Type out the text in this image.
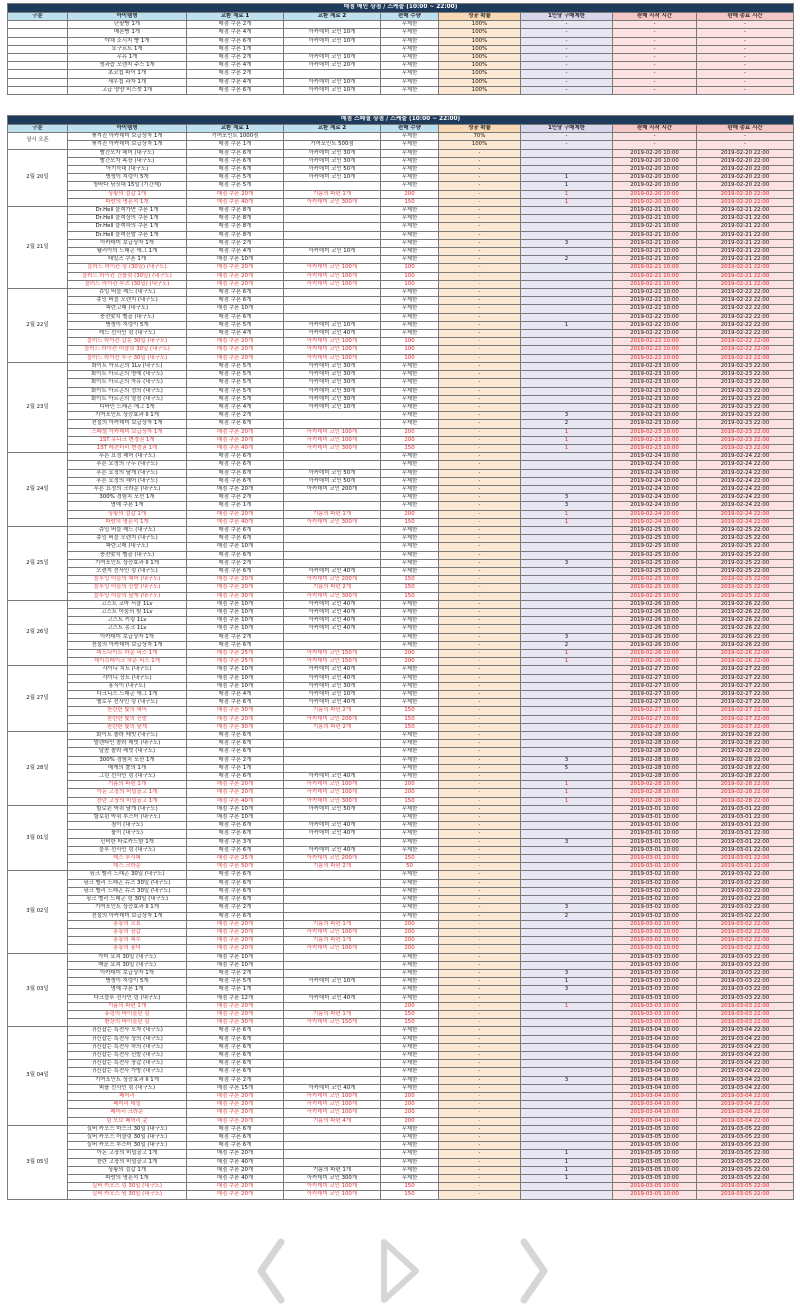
매점 메인 상점 / 스케줄 (10:00 ~ 22:00)								
구분	아이템명	교환 재료 1	교환 재료 2	판매 수량	성공 확률	1인당 구매제한	판매 시작 시간	판매 종료 시간
	단팥빵 1개	매점 쿠폰 2개		무제한	100%	-	-	-
	메론빵 1개	매점 쿠폰 4개	아카데미 코인 10개	무제한	100%	-	-	-
	야채 소시지 빵 1개	매점 쿠폰 6개	아카데미 코인 10개	무제한	100%	-	-	-
	요구르트 1개	매점 쿠폰 1개		무제한	100%	-	-	-
	우유 1개	매점 쿠폰 2개	아카데미 코인 10개	무제한	100%	-	-	-
	생과즙 오렌지 주스 1개	매점 쿠폰 4개	아카데미 코인 20개	무제한	100%	-	-	-
	초코칩 파이 1개	매점 쿠폰 2개		무제한	100%	-	-	-
	새우칩 과자 1개	매점 쿠폰 4개	아카데미 코인 10개	무제한	100%	-	-	-
	고급 영양 비스켓 1개	매점 쿠폰 6개	아카데미 코인 10개	무제한	100%	-	-	-
매점 스페셜 상점 / 스케줄 (10:00 ~ 22:00)								
구분	아이템명	교환 재료 1	교환 재료 2	판매 수량	성공 확률	1인당 구매제한	판매 시작 시간	판매 종료 시간
상시 오픈	찢겨진 아카데미 보급상자 1개	기여포인트 1000점		무제한	70%	-	-	-
	찢겨진 아카데미 보급상자 1개	매점 쿠폰 1개	기여포인트 500점	무제한	100%	-	-	-
2월 20일	빨간모자 헤어 (내구도)	매점 쿠폰 6개	아카데미 코인 30개	무제한	-		2019-02-20 10:00	2019-02-20 22:00
	빨간모자 복장 (내구도)	매점 쿠폰 6개	아카데미 코인 30개	무제한	-		2019-02-20 10:00	2019-02-20 22:00
	아기늑대 (내구도)	매점 쿠폰 6개	아카데미 코인 50개	무제한	-		2019-02-20 10:00	2019-02-20 22:00
	병생이 지렁이 5개	매점 쿠폰 5개	아카데미 코인 10개	무제한	-	1	2019-02-20 10:00	2019-02-20 22:00
	청바다 낚싯대 15일 (기간제)	매점 쿠폰 5개		무제한	-	1	2019-02-20 10:00	2019-02-20 22:00
	상황의 검갑 1개	매점 쿠폰 20개	기름의 파편 1개	200	-	1	2019-02-20 10:00	2019-02-20 22:00
	파랑의 명혼석 1개	매점 쿠폰 40개	아카데미 코인 300개	150	-	1	2019-02-20 10:00	2019-02-20 22:00
2월 21일	Dr.Hell 블랙가면 쿠폰 1개	매점 쿠폰 8개		무제한	-		2019-02-21 10:00	2019-02-21 22:00
	Dr.Hell 블랙상의 쿠폰 1개	매점 쿠폰 8개		무제한	-		2019-02-21 10:00	2019-02-21 22:00
	Dr.Hell 블랙하의 쿠폰 1개	매점 쿠폰 8개		무제한	-		2019-02-21 10:00	2019-02-21 22:00
	Dr.Hell 블랙신발 쿠폰 1개	매점 쿠폰 8개		무제한	-		2019-02-21 10:00	2019-02-21 22:00
	아카데미 보급상자 1개	매점 쿠폰 2개		무제한	-	3	2019-02-21 10:00	2019-02-21 22:00
	웰리아의 드래곤 에그 1개	매점 쿠폰 4개	아카데미 코인 10개	무제한	-		2019-02-21 10:00	2019-02-21 22:00
	테일즈 쿠폰 1개	매점 쿠폰 10개		무제한	-	2	2019-02-21 10:00	2019-02-21 22:00
	블러드 라이칸 링 (30일) (내구도)	매점 쿠폰 20개	아카데미 코인 100개	100	-		2019-02-21 10:00	2019-02-21 22:00
	블러드 라이칸 건틀릿 (30일) (내구도)	매점 쿠폰 20개	아카데미 코인 100개	100	-		2019-02-21 10:00	2019-02-21 22:00
	블러드 라이칸 부츠 (30일) (내구도)	매점 쿠폰 20개	아카데미 코인 100개	100	-		2019-02-21 10:00	2019-02-21 22:00
2월 22일	츄잉 버블 레드 (내구도)	매점 쿠폰 6개		무제한	-		2019-02-22 10:00	2019-02-22 22:00
	츄잉 버블 오렌지 (내구도)	매점 쿠폰 6개		무제한	-		2019-02-22 10:00	2019-02-22 22:00
	파란고래 (내구도)	매점 쿠폰 10개		무제한	-		2019-02-22 10:00	2019-02-22 22:00
	충전맞치 벨골 (내구도)	매점 쿠폰 6개		무제한	-		2019-02-22 10:00	2019-02-22 22:00
	병생이 지렁이 5개	매점 쿠폰 5개	아카데미 코인 10개	무제한	-	1	2019-02-22 10:00	2019-02-22 22:00
	레드 선사인 링 (내구도)	매점 쿠폰 4개	아카데미 코인 40개	무제한	-		2019-02-22 10:00	2019-02-22 22:00
	블러드 라이칸 갑옷 30일 (내구도)	매점 쿠폰 20개	아카데미 코인 100개	100	-		2019-02-22 10:00	2019-02-22 22:00
	블러드 라이칸 어클릿 30일 (내구도)	매점 쿠폰 20개	아카데미 코인 100개	100	-		2019-02-22 10:00	2019-02-22 22:00
	블러드 라이칸 투구 30일 (내구도)	매점 쿠폰 20개	아카데미 코인 100개	100	-		2019-02-22 10:00	2019-02-22 22:00
2월 23일	화이트 아르곤의 1Lv (내구도)	매점 쿠폰 5개	아카데미 코인 30개	무제한	-		2019-02-23 10:00	2019-02-23 22:00
	화이트 아르곤의 명예 (내구도)	매점 쿠폰 5개	아카데미 코인 30개	무제한	-		2019-02-23 10:00	2019-02-23 22:00
	화이트 아르곤의 자유 (내구도)	매점 쿠폰 5개	아카데미 코인 30개	무제한	-		2019-02-23 10:00	2019-02-23 22:00
	화이트 아르곤의 정의 (내구도)	매점 쿠폰 5개	아카데미 코인 30개	무제한	-		2019-02-23 10:00	2019-02-23 22:00
	화이트 아르곤의 열정 (내구도)	매점 쿠폰 5개	아카데미 코인 30개	무제한	-		2019-02-23 10:00	2019-02-23 22:00
	디바인 드래곤 에그 1개	매점 쿠폰 4개	아카데미 코인 10개	무제한	-		2019-02-23 10:00	2019-02-23 22:00
	기여포인트 상승효과 II 1개	매점 쿠폰 2개		무제한	-	3	2019-02-23 10:00	2019-02-23 22:00
	전설의 아카데미 보급상자 1개	매점 쿠폰 6개		무제한	-	2	2019-02-23 10:00	2019-02-23 22:00
	스페셜 아카데미 보급상자 1개	매점 쿠폰 20개	아카데미 코인 100개	200	-	1	2019-02-23 10:00	2019-02-23 22:00
	1ST 유니크 변경권 1개	매점 쿠폰 20개	아카데미 코인 100개	200	-	1	2019-02-23 10:00	2019-02-23 22:00
	1ST 레전더리 변경권 1개	매점 쿠폰 40개	아카데미 코인 300개	150	-	1	2019-02-23 10:00	2019-02-23 22:00
2월 24일	푸른 요정 헤어 (내구도)	매점 쿠폰 6개		무제한	-		2019-02-24 10:00	2019-02-24 22:00
	푸른 요정의 구두 (내구도)	매점 쿠폰 6개		무제한	-		2019-02-24 10:00	2019-02-24 22:00
	푸른 요정의 날개 (내구도)	매점 쿠폰 6개	아카데미 코인 50개	무제한	-		2019-02-24 10:00	2019-02-24 22:00
	푸른 요정의 해어 (내구도)	매점 쿠폰 6개	아카데미 코인 50개	무제한	-		2019-02-24 10:00	2019-02-24 22:00
	푸른 요정의 크라운 (내구도)	매점 쿠폰 20개	아카데미 코인 200개	무제한	-		2019-02-24 10:00	2019-02-24 22:00
	300% 경험치 포션 1개	매점 쿠폰 2개		무제한	-	3	2019-02-24 10:00	2019-02-24 22:00
	명예 쿠폰 1개	매점 쿠폰 1개		무제한	-	3	2019-02-24 10:00	2019-02-24 22:00
	상황의 검갑 1개	매점 쿠폰 20개	기름의 파편 1개	200	-	1	2019-02-24 10:00	2019-02-24 22:00
	파랑의 명혼석 1개	매점 쿠폰 40개	아카데미 코인 300개	150	-	1	2019-02-24 10:00	2019-02-24 22:00
2월 25일	츄잉 버블 레드 (내구도)	매점 쿠폰 6개		무제한	-		2019-02-25 10:00	2019-02-25 22:00
	츄잉 버블 오렌지 (내구도)	매점 쿠폰 6개		무제한	-		2019-02-25 10:00	2019-02-25 22:00
	파란고래 (내구도)	매점 쿠폰 10개		무제한	-		2019-02-25 10:00	2019-02-25 22:00
	충전맞치 벨골 (내구도)	매점 쿠폰 6개		무제한	-		2019-02-25 10:00	2019-02-25 22:00
	기여포인트 상승효과 II 1개	매점 쿠폰 2개		무제한	-	3	2019-02-25 10:00	2019-02-25 22:00
	오렌지 선사인 링 (내구도)	매점 쿠폰 6개	아카데미 코인 40개	무제한	-		2019-02-25 10:00	2019-02-25 22:00
	블루잉 어둠의 해어 (내구도)	매점 쿠폰 20개	아카데미 코인 200개	150	-		2019-02-25 10:00	2019-02-25 22:00
	블루잉 어둠의 신발 (내구도)	매점 쿠폰 20개	기름의 파편 2개	150	-		2019-02-25 10:00	2019-02-25 22:00
	블루잉 어둠의 날개 (내구도)	매점 쿠폰 30개	아카데미 코인 300개	150	-		2019-02-25 10:00	2019-02-25 22:00
2월 26일	고스트 코마 서클 1Lv	매점 쿠폰 10개	아카데미 코인 40개	무제한	-		2019-02-26 10:00	2019-02-26 22:00
	고스트 어둠의 뭣 1Lv	매점 쿠폰 10개	아카데미 코인 40개	무제한	-		2019-02-26 10:00	2019-02-26 22:00
	고스트 키링 1Lv	매점 쿠폰 10개	아카데미 코인 40개	무제한	-		2019-02-26 10:00	2019-02-26 22:00
	고스트 몽크 1Lv	매점 쿠폰 10개	아카데미 코인 40개	무제한	-		2019-02-26 10:00	2019-02-26 22:00
	아카데미 보급상자 1개	매점 쿠폰 2개		무제한	-	3	2019-02-26 10:00	2019-02-26 22:00
	전설의 아카데미 보급상자 1개	매점 쿠폰 6개		무제한	-	2	2019-02-26 10:00	2019-02-26 22:00
	피드나이트 하운 픽스 1개	매점 쿠폰 25개	아카데미 코인 150개	200	-	1	2019-02-26 10:00	2019-02-26 22:00
	데이브레이크 하운 픽스 1개	매점 쿠폰 25개	아카데미 코인 150개	200	-	1	2019-02-26 10:00	2019-02-26 22:00
2월 27일	샤이니 치트 (내구도)	매점 쿠폰 10개	아카데미 코인 40개	무제한	-		2019-02-27 10:00	2019-02-27 22:00
	샤이니 상트 (내구도)	매점 쿠폰 10개	아카데미 코인 40개	무제한	-		2019-02-27 10:00	2019-02-27 22:00
	용식이 (내구도)	매점 쿠폰 10개	아카데미 코인 30개	무제한	-		2019-02-27 10:00	2019-02-27 22:00
	다크니스 드래곤 에그 1개	매점 쿠폰 4개	아카데미 코인 10개	무제한	-		2019-02-27 10:00	2019-02-27 22:00
	옐로우 선사인 링 (내구도)	매점 쿠폰 6개	아카데미 코인 40개	무제한	-		2019-02-27 10:00	2019-02-27 22:00
	찬란한 빛의 헤어	매점 쿠폰 30개	기름의 파편 2개	150	-		2019-02-27 10:00	2019-02-27 22:00
	찬란한 빛의 신발	매점 쿠폰 20개	아카데미 코인 200개	150	-		2019-02-27 10:00	2019-02-27 22:00
	찬란한 빛의 날개	매점 쿠폰 30개	기름의 파편 2개	150	-		2019-02-27 10:00	2019-02-27 22:00
2월 28일	화이트 솔라 레빗 (내구도)	매점 쿠폰 6개		무제한	-		2019-02-28 10:00	2019-02-28 22:00
	발렌타인 솔라 레빗 (내구도)	매점 쿠폰 6개		무제한	-		2019-02-28 10:00	2019-02-28 22:00
	달콤 솔라 레빗 (내구도)	매점 쿠폰 6개		무제한	-		2019-02-28 10:00	2019-02-28 22:00
	300% 경험치 포션 1개	매점 쿠폰 2개		무제한	-	3	2019-02-28 10:00	2019-02-28 22:00
	메게의 뿔의 1개	매점 쿠폰 1개		무제한	-	5	2019-02-28 10:00	2019-02-28 22:00
	그린 선사인 링 (내구도)	매점 쿠폰 6개	아카데미 코인 40개	무제한	-		2019-02-28 10:00	2019-02-28 22:00
	기름의 파편 1개	매점 쿠폰 20개	아카데미 코인 100개	200	-	1	2019-02-28 10:00	2019-02-28 22:00
	아돈 고장의 비밀골고 1개	매점 쿠폰 20개	아카데미 코인 100개	200	-	1	2019-02-28 10:00	2019-02-28 22:00
	찬란 고장의 비밀골고 1개	매점 쿠폰 40개	아카데미 코인 300개	150	-	1	2019-02-28 10:00	2019-02-28 22:00
3월 01일	할로윈 박쥐 날개 (내구도)	매점 쿠폰 10개	아카데미 코인 50개	무제한	-		2019-03-01 10:00	2019-03-01 22:00
	할로윈 박쥐 부스터 (내구도)	매점 쿠폰 10개		무제한	-		2019-03-01 10:00	2019-03-01 22:00
	첨이 (내구도)	매점 쿠폰 6개	아카데미 코인 40개	무제한	-		2019-03-01 10:00	2019-03-01 22:00
	룰이 (내구도)	매점 쿠폰 6개	아카데미 코인 40개	무제한	-		2019-03-01 10:00	2019-03-01 22:00
	신비한 타로카드함 1개	매점 쿠폰 3개		무제한	-	3	2019-03-01 10:00	2019-03-01 22:00
	블루 선사인 링 (내구도)	매점 쿠폰 6개	아카데미 코인 40개	무제한	-		2019-03-01 10:00	2019-03-01 22:00
	데스 루시퍼	매점 쿠폰 25개	아카데미 코인 200개	150	-		2019-03-01 10:00	2019-03-01 22:00
	데스 크라운	매점 쿠폰 50개	기름의 파편 2개	50	-		2019-03-01 10:00	2019-03-01 22:00
3월 02일	핑크 벨리 드래곤 30일 (내구도)	매점 쿠폰 6개		무제한	-		2019-03-02 10:00	2019-03-02 22:00
	핑크 벨리 드래곤 슈즈 30일 (내구도)	매점 쿠폰 6개		무제한	-		2019-03-02 10:00	2019-03-02 22:00
	핑크 벨리 드래곤 슈즈 30일 (내구도)	매점 쿠폰 6개		무제한	-		2019-03-02 10:00	2019-03-02 22:00
	핑크 벨리 드래곤 링 30일 (내구도)	매점 쿠폰 6개		무제한	-		2019-03-02 10:00	2019-03-02 22:00
	기여포인트 상승효과 II 1개	매점 쿠폰 2개		무제한	-	3	2019-03-02 10:00	2019-03-02 22:00
	전설의 아카데미 보급상자 1개	매점 쿠폰 6개		무제한	-	2	2019-03-02 10:00	2019-03-02 22:00
	롱롱의 모표	매점 쿠폰 20개	기름의 파편 1개	200	-		2019-03-02 10:00	2019-03-02 22:00
	롱롱의 장갑	매점 쿠폰 20개	아카데미 코인 100개	200	-		2019-03-02 10:00	2019-03-02 22:00
	롱롱의 복수	매점 쿠폰 20개	기름의 파편 1개	200	-		2019-03-02 10:00	2019-03-02 22:00
	롱롱의 용녀	매점 쿠폰 20개	아카데미 코인 100개	200	-		2019-03-02 10:00	2019-03-02 22:00
3월 03일	가미 요괴 30일 (내구도)	매점 쿠폰 10개		무제한	-		2019-03-03 10:00	2019-03-03 22:00
	백골 요괴 30일 (내구도)	매점 쿠폰 10개		무제한	-		2019-03-03 10:00	2019-03-03 22:00
	아카데미 보급상자 1개	매점 쿠폰 2개		무제한	-	3	2019-03-03 10:00	2019-03-03 22:00
	병생이 지렁이 5개	매점 쿠폰 5개	아카데미 코인 10개	무제한	-	1	2019-03-03 10:00	2019-03-03 22:00
	명예 쿠폰 1개	매점 쿠폰 1개		무제한	-	3	2019-03-03 10:00	2019-03-03 22:00
	다크블루 선사인 링 (내구도)	매점 쿠폰 12개	아카데미 코인 40개	무제한	-		2019-03-03 10:00	2019-03-03 22:00
	기름의 파편 1개	매점 쿠폰 20개		200	-	1	2019-03-03 10:00	2019-03-03 22:00
	퓨링의 바이올린 링	매점 쿠폰 20개	기름의 파편 1개	150	-		2019-03-03 10:00	2019-03-03 22:00
	환상의 바이올린 링	매점 쿠폰 30개	아카데미 코인 150개	150	-		2019-03-03 10:00	2019-03-03 22:00
3월 04일	귀신잡는 특전사 모자 (내구도)	매점 쿠폰 6개		무제한	-		2019-03-04 10:00	2019-03-04 22:00
	귀신잡는 특전사 상의 (내구도)	매점 쿠폰 6개		무제한	-		2019-03-04 10:00	2019-03-04 22:00
	귀신잡는 특전사 하의 (내구도)	매점 쿠폰 6개		무제한	-		2019-03-04 10:00	2019-03-04 22:00
	귀신잡는 특전사 신발 (내구도)	매점 쿠폰 6개		무제한	-		2019-03-04 10:00	2019-03-04 22:00
	귀신잡는 특전사 장갑 (내구도)	매점 쿠폰 6개		무제한	-		2019-03-04 10:00	2019-03-04 22:00
	귀신잡는 특전사 가방 (내구도)	매점 쿠폰 6개		무제한	-		2019-03-04 10:00	2019-03-04 22:00
	기여포인트 상승효과 II 1개	매점 쿠폰 2개		무제한	-	3	2019-03-04 10:00	2019-03-04 22:00
	퍼플 선사인 링 (내구도)	매점 쿠폰 15개	아카데미 코인 40개	무제한	-		2019-03-04 10:00	2019-03-04 22:00
	페어리	매점 쿠폰 20개	아카데미 코인 100개	200	-		2019-03-04 10:00	2019-03-04 22:00
	페어리 테일	매점 쿠폰 20개	아카데미 코인 100개	200	-		2019-03-04 10:00	2019-03-04 22:00
	페어리 크라운	매점 쿠폰 20개	아카데미 코인 100개	200	-		2019-03-04 10:00	2019-03-04 22:00
	링 오브 페어리 쥰	매점 쿠폰 20개	기름의 파편 4개	200	-		2019-03-04 10:00	2019-03-04 22:00
3월 05일	실버 카오스 마스크 30일 (내구도)	매점 쿠폰 6개		무제한	-		2019-03-05 10:00	2019-03-05 22:00
	실버 카오스 어클릿 30일 (내구도)	매점 쿠폰 6개		무제한	-		2019-03-05 10:00	2019-03-05 22:00
	실버 카오스 부스터 30일 (내구도)	매점 쿠폰 6개		무제한	-		2019-03-05 10:00	2019-03-05 22:00
	아돈 고장의 비밀골고 1개	매점 쿠폰 20개		무제한	-	1	2019-03-05 10:00	2019-03-05 22:00
	찬란 고장의 비밀골고 1개	매점 쿠폰 40개		무제한	-	1	2019-03-05 10:00	2019-03-05 22:00
	상황의 검갑 1개	매점 쿠폰 20개	기름의 파편 1개	무제한	-	1	2019-03-05 10:00	2019-03-05 22:00
	파랑의 명혼석 1개	매점 쿠폰 40개	아카데미 코인 300개	무제한	-	1	2019-03-05 10:00	2019-03-05 22:00
	실버 카오스 링 30일 (내구도)	매점 쿠폰 20개	아카데미 코인 100개	150	-		2019-03-05 10:00	2019-03-05 22:00
	실버 카오스 윙 30일 (내구도)	매점 쿠폰 20개	아카데미 코인 100개	150	-		2019-03-05 10:00	2019-03-05 22:00
